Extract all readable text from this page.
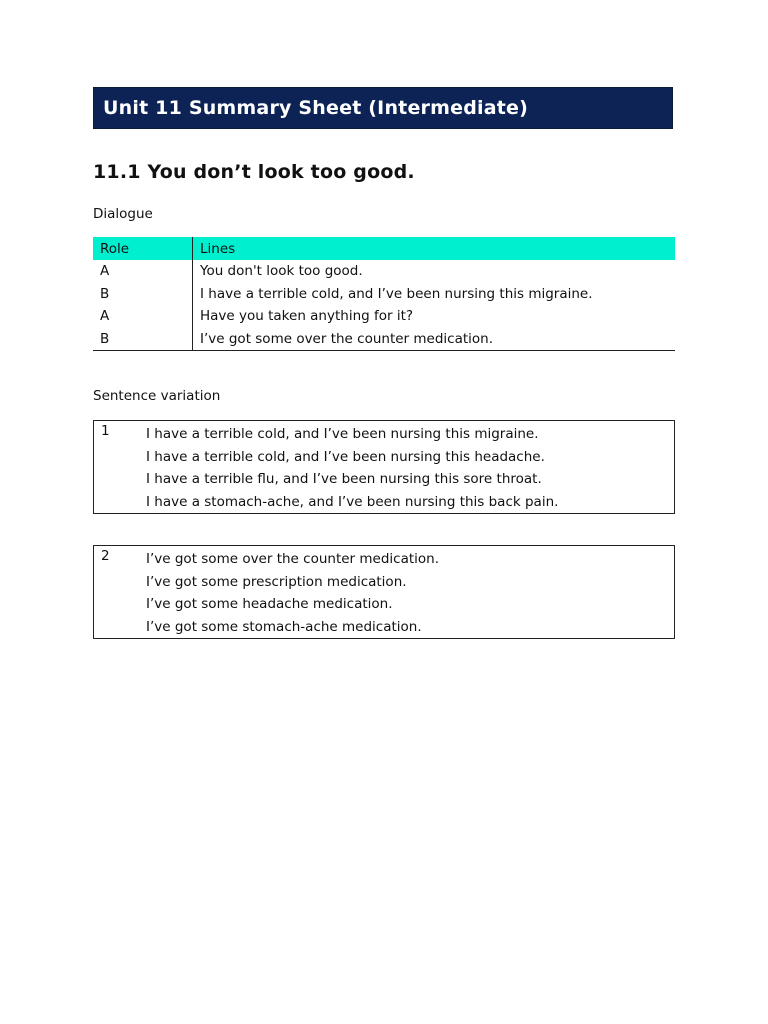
Unit 11 Summary Sheet (Intermediate)
11.1 You don’t look too good.
Dialogue
Role	Lines
A	You don't look too good.
B	I have a terrible cold, and I’ve been nursing this migraine.
A	Have you taken anything for it?
B	I’ve got some over the counter medication.
Sentence variation
1	I have a terrible cold, and I’ve been nursing this migraine.
I have a terrible cold, and I’ve been nursing this headache.
I have a terrible flu, and I’ve been nursing this sore throat.
I have a stomach-ache, and I’ve been nursing this back pain.
2	I’ve got some over the counter medication.
I’ve got some prescription medication.
I’ve got some headache medication.
I’ve got some stomach-ache medication.
